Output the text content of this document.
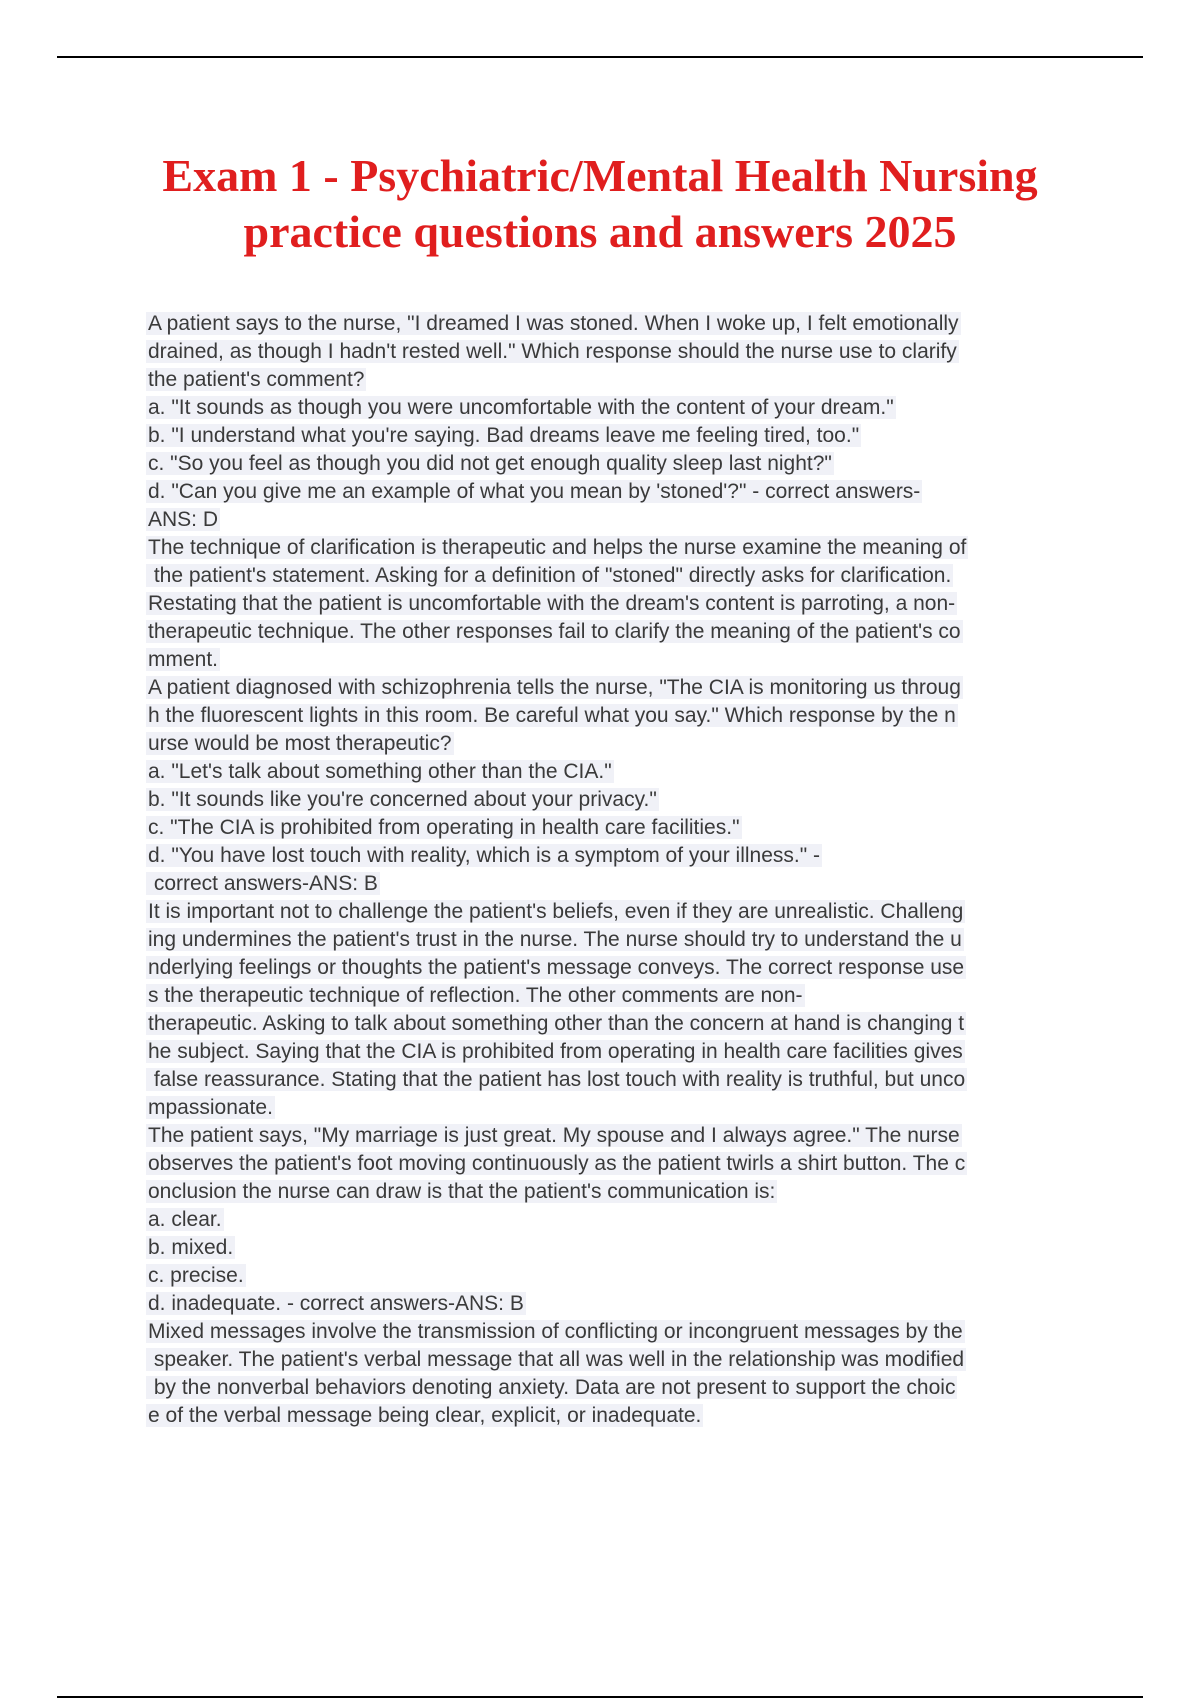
Exam 1 - Psychiatric/Mental Health Nursing
practice questions and answers 2025
A patient says to the nurse, "I dreamed I was stoned. When I woke up, I felt emotionally
drained, as though I hadn't rested well." Which response should the nurse use to clarify
the patient's comment?
a. "It sounds as though you were uncomfortable with the content of your dream."
b. "I understand what you're saying. Bad dreams leave me feeling tired, too."
c. "So you feel as though you did not get enough quality sleep last night?"
d. "Can you give me an example of what you mean by 'stoned'?" - correct answers-
ANS: D
The technique of clarification is therapeutic and helps the nurse examine the meaning of
the patient's statement. Asking for a definition of "stoned" directly asks for clarification.
Restating that the patient is uncomfortable with the dream's content is parroting, a non-
therapeutic technique. The other responses fail to clarify the meaning of the patient's co
mment.
A patient diagnosed with schizophrenia tells the nurse, "The CIA is monitoring us throug
h the fluorescent lights in this room. Be careful what you say." Which response by the n
urse would be most therapeutic?
a. "Let's talk about something other than the CIA."
b. "It sounds like you're concerned about your privacy."
c. "The CIA is prohibited from operating in health care facilities."
d. "You have lost touch with reality, which is a symptom of your illness." -
correct answers-ANS: B
It is important not to challenge the patient's beliefs, even if they are unrealistic. Challeng
ing undermines the patient's trust in the nurse. The nurse should try to understand the u
nderlying feelings or thoughts the patient's message conveys. The correct response use
s the therapeutic technique of reflection. The other comments are non-
therapeutic. Asking to talk about something other than the concern at hand is changing t
he subject. Saying that the CIA is prohibited from operating in health care facilities gives
false reassurance. Stating that the patient has lost touch with reality is truthful, but unco
mpassionate.
The patient says, "My marriage is just great. My spouse and I always agree." The nurse
observes the patient's foot moving continuously as the patient twirls a shirt button. The c
onclusion the nurse can draw is that the patient's communication is:
a. clear.
b. mixed.
c. precise.
d. inadequate. - correct answers-ANS: B
Mixed messages involve the transmission of conflicting or incongruent messages by the
speaker. The patient's verbal message that all was well in the relationship was modified
by the nonverbal behaviors denoting anxiety. Data are not present to support the choic
e of the verbal message being clear, explicit, or inadequate.
